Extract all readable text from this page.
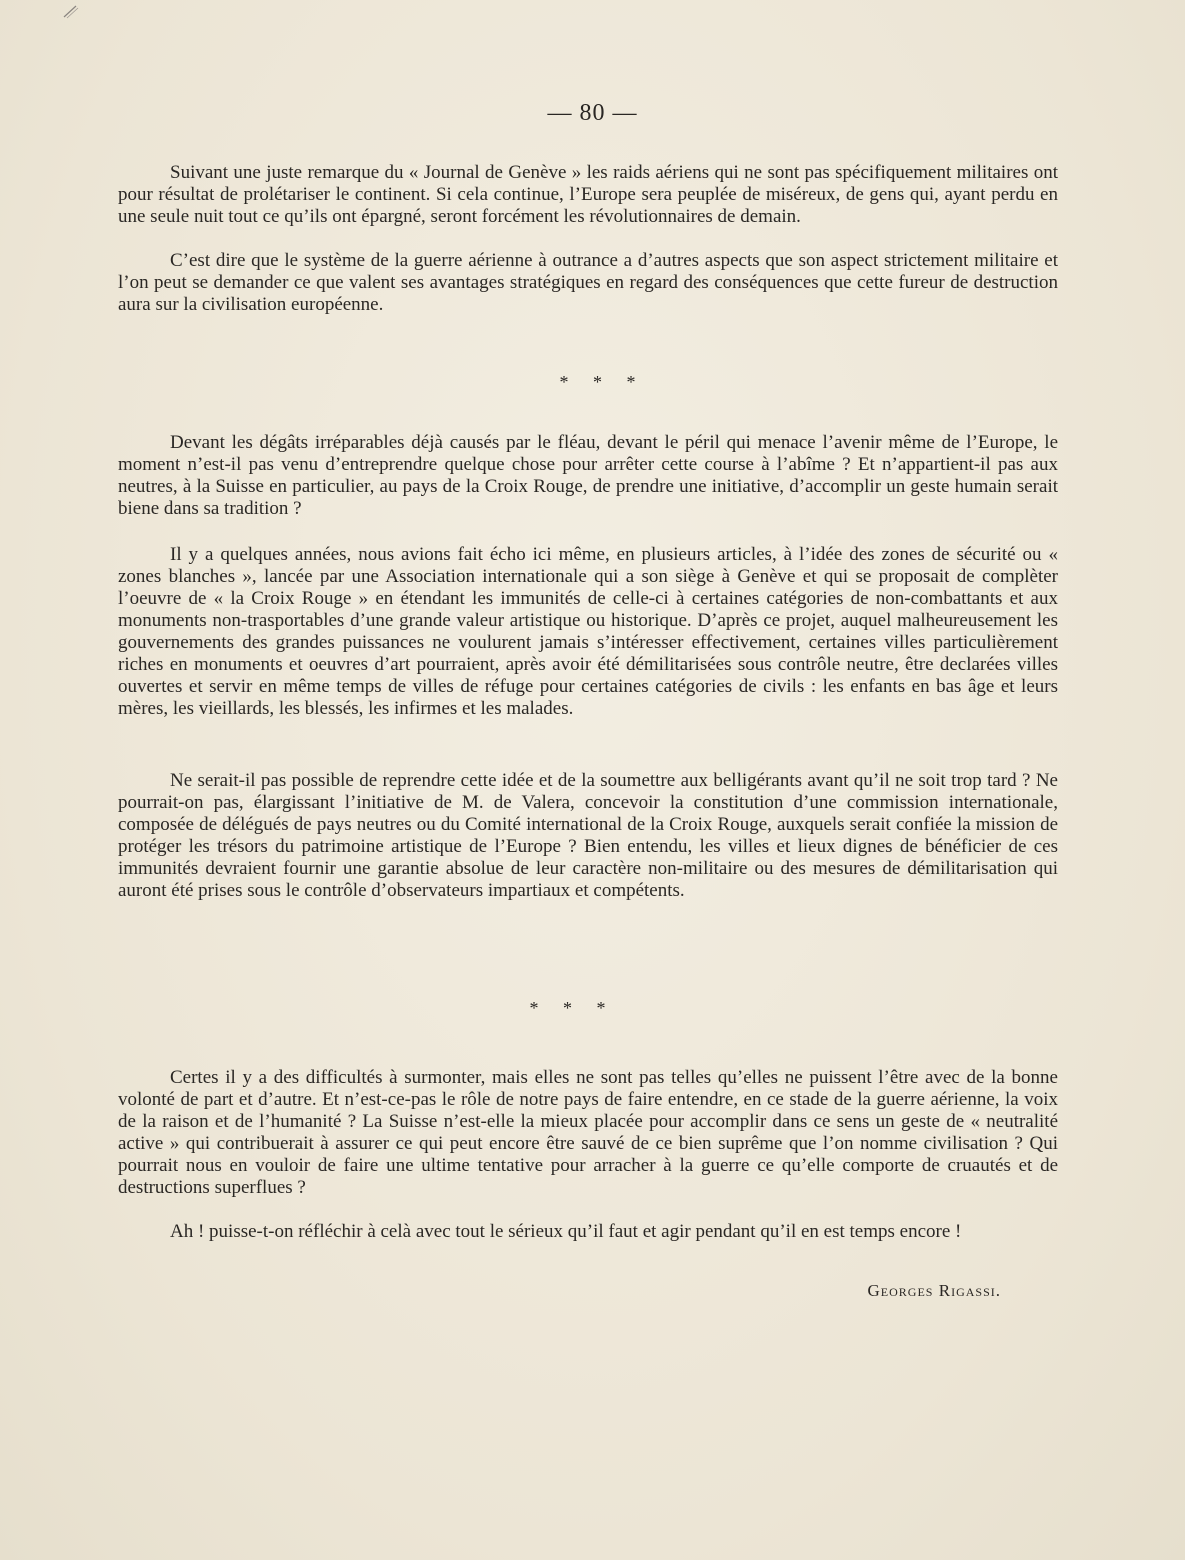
— 80 —

Suivant une juste remarque du « Journal de Genève » les raids aériens qui ne sont pas spécifiquement militaires ont pour résultat de prolétariser le continent. Si cela continue, l’Europe sera peuplée de miséreux, de gens qui, ayant perdu en une seule nuit tout ce qu’ils ont épargné, seront forcément les révolutionnaires de demain.

C’est dire que le système de la guerre aérienne à outrance a d’autres aspects que son aspect strictement militaire et l’on peut se demander ce que valent ses avantages stratégiques en regard des conséquences que cette fureur de destruction aura sur la civilisation européenne.

* * *

Devant les dégâts irréparables déjà causés par le fléau, devant le péril qui menace l’avenir même de l’Europe, le moment n’est-il pas venu d’entreprendre quelque chose pour arrêter cette course à l’abîme ? Et n’appartient-il pas aux neutres, à la Suisse en particulier, au pays de la Croix Rouge, de prendre une initiative, d’accomplir un geste humain serait biene dans sa tradition ?

Il y a quelques années, nous avions fait écho ici même, en plusieurs articles, à l’idée des zones de sécurité ou « zones blanches », lancée par une Association internationale qui a son siège à Genève et qui se proposait de complèter l’oeuvre de « la Croix Rouge » en étendant les immunités de celle-ci à certaines catégories de non-combattants et aux monuments non-trasportables d’une grande valeur artistique ou historique. D’après ce projet, auquel malheureusement les gouvernements des grandes puissances ne voulurent jamais s’intéresser effectivement, certaines villes particulièrement riches en monuments et oeuvres d’art pourraient, après avoir été démilitarisées sous contrôle neutre, être declarées villes ouvertes et servir en même temps de villes de réfuge pour certaines catégories de civils : les enfants en bas âge et leurs mères, les vieillards, les blessés, les infirmes et les malades.

Ne serait-il pas possible de reprendre cette idée et de la soumettre aux belligérants avant qu’il ne soit trop tard ? Ne pourrait-on pas, élargissant l’initiative de M. de Valera, concevoir la constitution d’une commission internationale, composée de délégués de pays neutres ou du Comité international de la Croix Rouge, auxquels serait confiée la mission de protéger les trésors du patrimoine artistique de l’Europe ? Bien entendu, les villes et lieux dignes de bénéficier de ces immunités devraient fournir une garantie absolue de leur caractère non-militaire ou des mesures de démilitarisation qui auront été prises sous le contrôle d’observateurs impartiaux et compétents.

* * *

Certes il y a des difficultés à surmonter, mais elles ne sont pas telles qu’elles ne puissent l’être avec de la bonne volonté de part et d’autre. Et n’est-ce-pas le rôle de notre pays de faire entendre, en ce stade de la guerre aérienne, la voix de la raison et de l’humanité ? La Suisse n’est-elle la mieux placée pour accomplir dans ce sens un geste de « neutralité active » qui contribuerait à assurer ce qui peut encore être sauvé de ce bien suprême que l’on nomme civilisation ? Qui pourrait nous en vouloir de faire une ultime tentative pour arracher à la guerre ce qu’elle comporte de cruautés et de destructions superflues ?

Ah ! puisse-t-on réfléchir à celà avec tout le sérieux qu’il faut et agir pendant qu’il en est temps encore !

Georges Rigassi.
